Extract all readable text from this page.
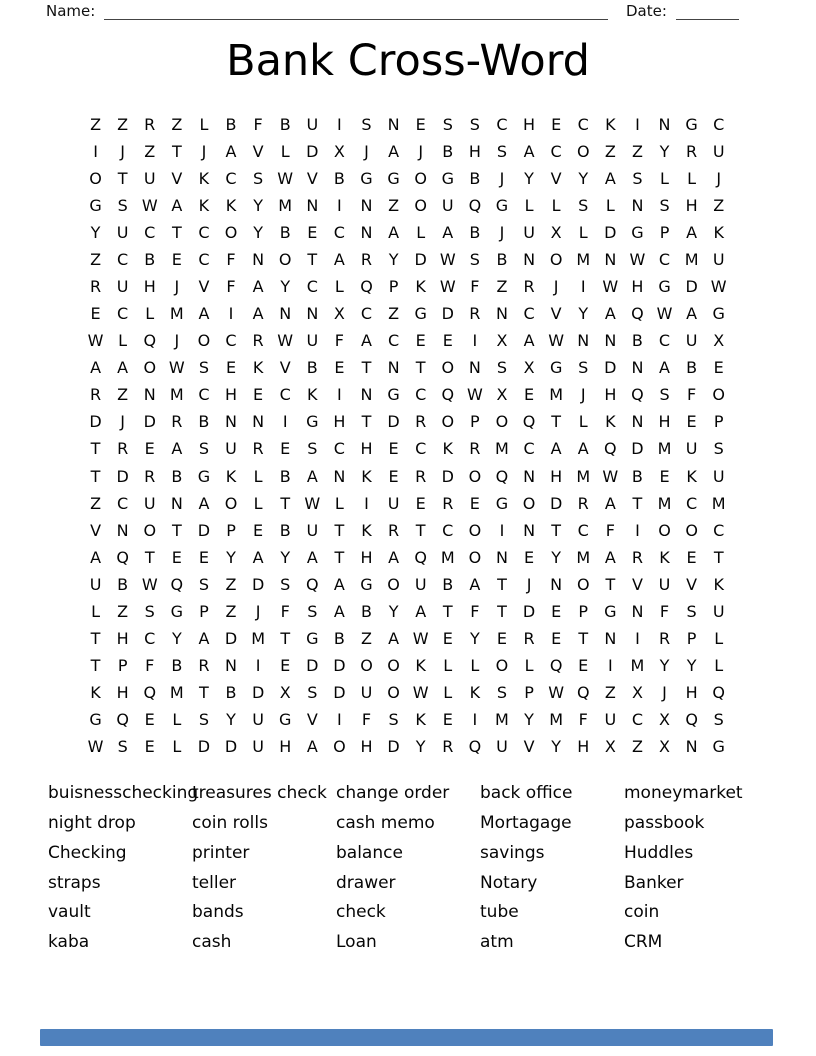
Name:	Date:
Bank Cross-Word
Z	Z	R	Z	L	B	F	B U	I	S	N	E	S	S	C H	E	C	K	I	N G C
I	J	Z	T	J	A	V	L	D X	J	A	J	B H	S	A	C O Z	Z	Y	R U
O T	U V	K	C	S W V	B G G O G B	J	Y	V	Y	A	S	L	L	J
G S W A	K	K	Y M N	I	N Z O U Q G	L	L	S	L	N	S	H Z
Y	U C	T	C O Y	B	E	C N A	L	A	B	J	U X	L	D G	P	A	K
Z	C	B	E	C	F	N O T	A	R	Y	D W S	B N O M N W C M U
R U H	J	V	F	A	Y	C	L	Q P	K W F	Z	R	J	I	W H G D W
E	C	L M A	I	A N N X	C	Z G D R N C	V	Y	A Q W A G
W L	Q	J	O C R W U	F	A	C	E	E	I	X	A W N N B	C U X
A	A O W S	E	K	V	B	E	T	N	T O N	S	X G S D N A	B	E
R	Z N M C H	E	C	K	I	N G C Q W X	E M	J	H Q S	F	O
D	J	D R	B N N	I	G H	T	D R O P O Q T	L	K N H	E	P
T	R	E	A	S	U R	E	S	C H	E	C	K	R M C	A	A Q D M U	S
T	D R	B G K	L	B	A N K	E	R D O Q N H M W B	E	K U
Z	C U N A O	L	T W L	I	U	E	R	E G O D R	A	T M C M
V N O T	D	P	E	B U	T	K	R	T	C O	I	N	T	C	F	I	O O C
A Q T	E	E	Y	A	Y	A	T	H A Q M O N	E	Y M A	R	K	E	T
U B W Q S	Z D S Q A G O U B	A	T	J	N O T	V U V	K
L	Z	S G	P	Z	J	F	S	A	B	Y	A	T	F	T	D E	P	G N	F	S	U
T	H C	Y	A D M T	G B	Z	A W E	Y	E	R	E	T	N	I	R	P	L
T	P	F	B	R N	I	E D D O O K	L	L	O	L	Q E	I	M Y	Y	L
K H Q M T	B D X	S D U O W L	K	S	P W Q Z	X	J	H Q
G Q E	L	S	Y	U G V	I	F	S	K	E	I	M Y M F	U C	X Q S
W S	E	L	D D U H A O H D	Y	R Q U V	Y	H X	Z	X N G
buisnesschecking
night drop
Checking
straps
vault
kaba
treasures check
coin rolls
printer
teller
bands
cash
change order
cash memo
balance
drawer
check
Loan
back office
Mortagage
savings
Notary
tube
atm
moneymarket
passbook
Huddles
Banker
coin
CRM
